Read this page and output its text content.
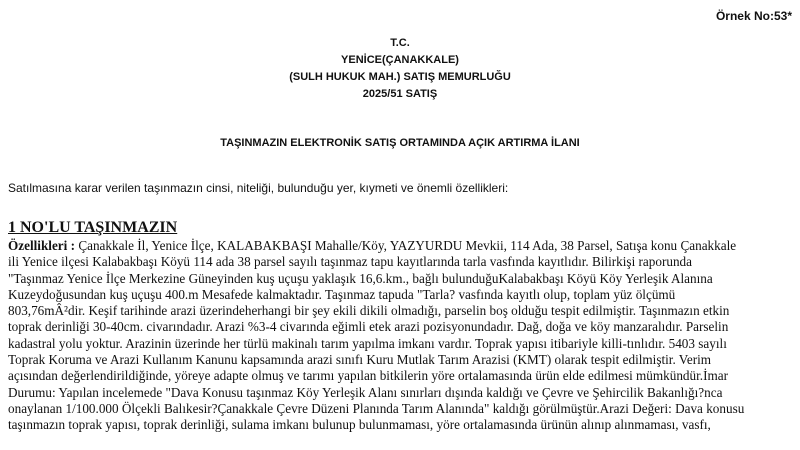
Örnek No:53*
T.C.
YENİCE(ÇANAKKALE)
(SULH HUKUK MAH.) SATIŞ MEMURLUĞU
2025/51 SATIŞ
TAŞINMAZIN ELEKTRONİK SATIŞ ORTAMINDA AÇIK ARTIRMA İLANI
Satılmasına karar verilen taşınmazın cinsi, niteliği, bulunduğu yer, kıymeti ve önemli özellikleri:
1 NO'LU TAŞINMAZIN
Özellikleri : Çanakkale İl, Yenice İlçe, KALABAKBAŞI Mahalle/Köy, YAZYURDU Mevkii, 114 Ada, 38 Parsel, Satışa konu Çanakkale
ili Yenice ilçesi Kalabakbaşı Köyü 114 ada 38 parsel sayılı taşınmaz tapu kayıtlarında tarla vasfında kayıtlıdır. Bilirkişi raporunda
"Taşınmaz Yenice İlçe Merkezine Güneyinden kuş uçuşu yaklaşık 16,6.km., bağlı bulunduğuKalabakbaşı Köyü Köy Yerleşik Alanına
Kuzeydoğusundan kuş uçuşu 400.m Mesafede kalmaktadır. Taşınmaz tapuda "Tarla? vasfında kayıtlı olup, toplam yüz ölçümü
803,76mÂ²dir. Keşif tarihinde arazi üzerindeherhangi bir şey ekili dikili olmadığı, parselin boş olduğu tespit edilmiştir. Taşınmazın etkin
toprak derinliği 30-40cm. civarındadır. Arazi %3-4 civarında eğimli etek arazi pozisyonundadır. Dağ, doğa ve köy manzaralıdır. Parselin
kadastral yolu yoktur. Arazinin üzerinde her türlü makinalı tarım yapılma imkanı vardır. Toprak yapısı itibariyle killi-tınlıdır. 5403 sayılı
Toprak Koruma ve Arazi Kullanım Kanunu kapsamında arazi sınıfı Kuru Mutlak Tarım Arazisi (KMT) olarak tespit edilmiştir. Verim
açısından değerlendirildiğinde, yöreye adapte olmuş ve tarımı yapılan bitkilerin yöre ortalamasında ürün elde edilmesi mümkündür.İmar
Durumu: Yapılan incelemede "Dava Konusu taşınmaz Köy Yerleşik Alanı sınırları dışında kaldığı ve Çevre ve Şehircilik Bakanlığı?nca
onaylanan 1/100.000 Ölçekli Balıkesir?Çanakkale Çevre Düzeni Planında Tarım Alanında" kaldığı görülmüştür.Arazi Değeri: Dava konusu
taşınmazın toprak yapısı, toprak derinliği, sulama imkanı bulunup bulunmaması, yöre ortalamasında ürünün alınıp alınmaması, vasfı,
